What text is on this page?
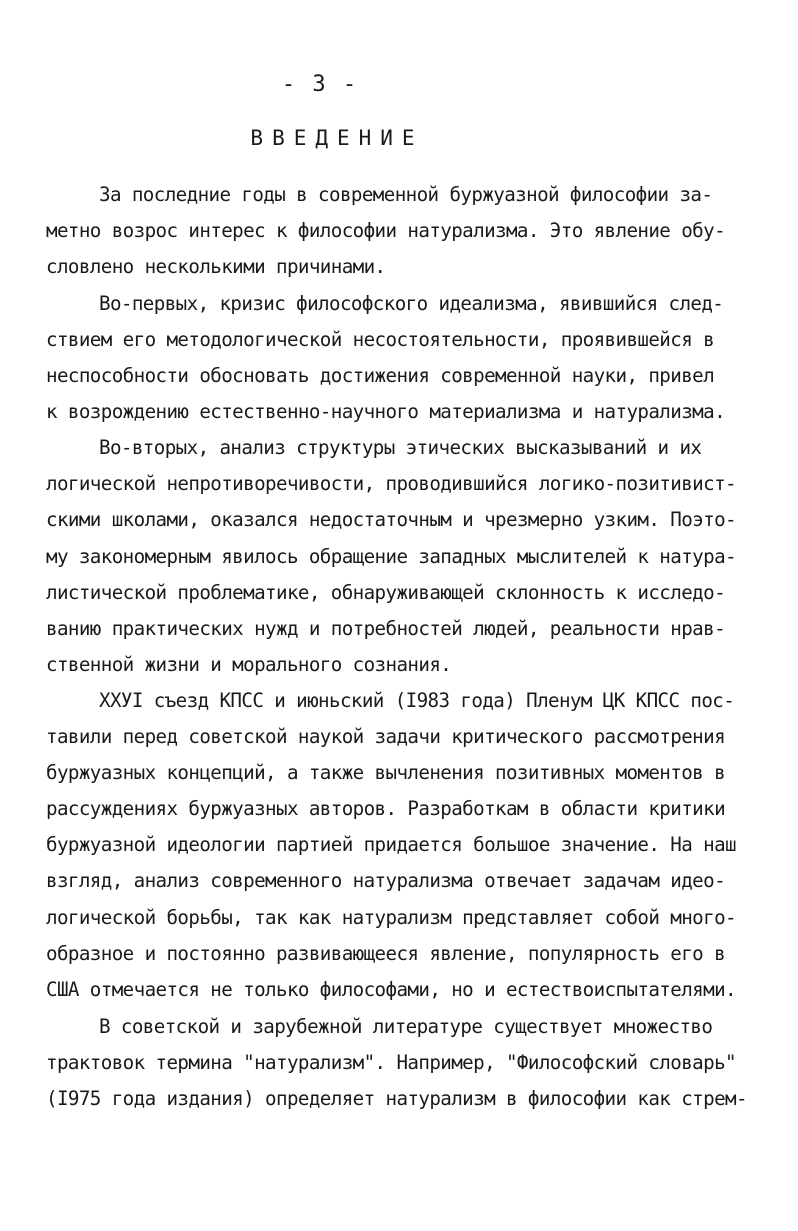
- 3 -
ВВЕДЕНИЕ
За последние годы в современной буржуазной философии за-
метно возрос интерес к философии натурализма. Это явление обу-
словлено несколькими причинами.
Во-первых, кризис философского идеализма, явившийся след-
ствием его методологической несостоятельности, проявившейся в
неспособности обосновать достижения современной науки, привел
к возрождению естественно-научного материализма и натурализма.
Во-вторых, анализ структуры этических высказываний и их
логической непротиворечивости, проводившийся логико-позитивист-
скими школами, оказался недостаточным и чрезмерно узким. Поэто-
му закономерным явилось обращение западных мыслителей к натура-
листической проблематике, обнаруживающей склонность к исследо-
ванию практических нужд и потребностей людей, реальности нрав-
ственной жизни и морального сознания.
ХХУI съезд КПСС и июньский (I983 года) Пленум ЦК КПСС пос-
тавили перед советской наукой задачи критического рассмотрения
буржуазных концепций, а также вычленения позитивных моментов в
рассуждениях буржуазных авторов. Разработкам в области критики
буржуазной идеологии партией придается большое значение. На наш
взгляд, анализ современного натурализма отвечает задачам идео-
логической борьбы, так как натурализм представляет собой много-
образное и постоянно развивающееся явление, популярность его в
США отмечается не только философами, но и естествоиспытателями.
В советской и зарубежной литературе существует множество
трактовок термина "натурализм". Например, "Философский словарь"
(I975 года издания) определяет натурализм в философии как стрем-
